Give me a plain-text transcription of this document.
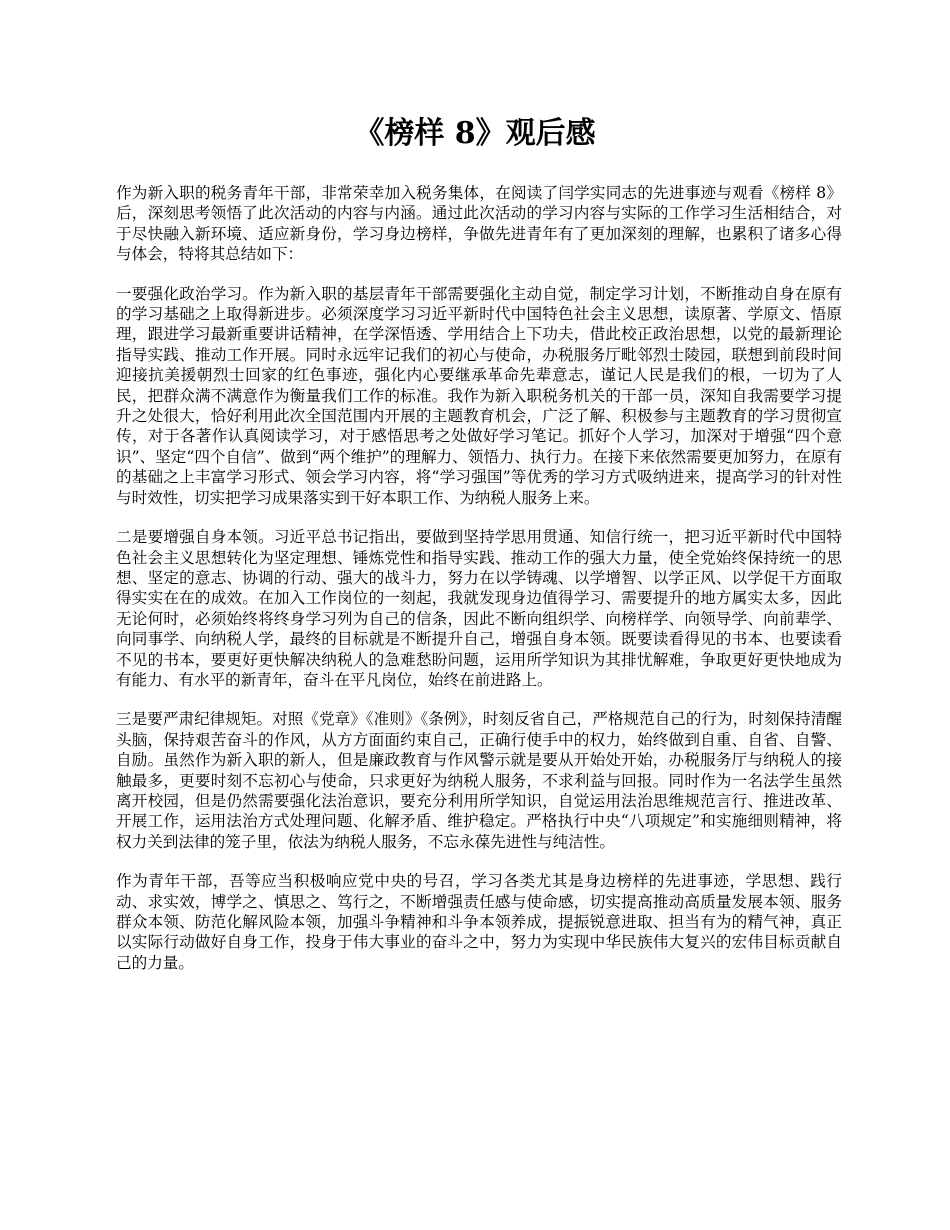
《榜样 8》观后感

作为新入职的税务青年干部，非常荣幸加入税务集体，在阅读了闫学实同志的先进事迹与观看《榜样 8》后，深刻思考领悟了此次活动的内容与内涵。通过此次活动的学习内容与实际的工作学习生活相结合，对于尽快融入新环境、适应新身份，学习身边榜样，争做先进青年有了更加深刻的理解，也累积了诸多心得与体会，特将其总结如下：

一要强化政治学习。作为新入职的基层青年干部需要强化主动自觉，制定学习计划，不断推动自身在原有的学习基础之上取得新进步。必须深度学习习近平新时代中国特色社会主义思想，读原著、学原文、悟原理，跟进学习最新重要讲话精神，在学深悟透、学用结合上下功夫，借此校正政治思想，以党的最新理论指导实践、推动工作开展。同时永远牢记我们的初心与使命，办税服务厅毗邻烈士陵园，联想到前段时间迎接抗美援朝烈士回家的红色事迹，强化内心要继承革命先辈意志，谨记人民是我们的根，一切为了人民，把群众满不满意作为衡量我们工作的标准。我作为新入职税务机关的干部一员，深知自我需要学习提升之处很大，恰好利用此次全国范围内开展的主题教育机会，广泛了解、积极参与主题教育的学习贯彻宣传，对于各著作认真阅读学习，对于感悟思考之处做好学习笔记。抓好个人学习，加深对于增强“四个意识”、坚定“四个自信”、做到“两个维护”的理解力、领悟力、执行力。在接下来依然需要更加努力，在原有的基础之上丰富学习形式、领会学习内容，将“学习强国”等优秀的学习方式吸纳进来，提高学习的针对性与时效性，切实把学习成果落实到干好本职工作、为纳税人服务上来。

二是要增强自身本领。习近平总书记指出，要做到坚持学思用贯通、知信行统一，把习近平新时代中国特色社会主义思想转化为坚定理想、锤炼党性和指导实践、推动工作的强大力量，使全党始终保持统一的思想、坚定的意志、协调的行动、强大的战斗力，努力在以学铸魂、以学增智、以学正风、以学促干方面取得实实在在的成效。在加入工作岗位的一刻起，我就发现身边值得学习、需要提升的地方属实太多，因此无论何时，必须始终将终身学习列为自己的信条，因此不断向组织学、向榜样学、向领导学、向前辈学、向同事学、向纳税人学，最终的目标就是不断提升自己，增强自身本领。既要读看得见的书本、也要读看不见的书本，要更好更快解决纳税人的急难愁盼问题，运用所学知识为其排忧解难，争取更好更快地成为有能力、有水平的新青年，奋斗在平凡岗位，始终在前进路上。

三是要严肃纪律规矩。对照《党章》《准则》《条例》，时刻反省自己，严格规范自己的行为，时刻保持清醒头脑，保持艰苦奋斗的作风，从方方面面约束自己，正确行使手中的权力，始终做到自重、自省、自警、自励。虽然作为新入职的新人，但是廉政教育与作风警示就是要从开始处开始，办税服务厅与纳税人的接触最多，更要时刻不忘初心与使命，只求更好为纳税人服务，不求利益与回报。同时作为一名法学生虽然离开校园，但是仍然需要强化法治意识，要充分利用所学知识，自觉运用法治思维规范言行、推进改革、开展工作，运用法治方式处理问题、化解矛盾、维护稳定。严格执行中央“八项规定”和实施细则精神，将权力关到法律的笼子里，依法为纳税人服务，不忘永葆先进性与纯洁性。

作为青年干部，吾等应当积极响应党中央的号召，学习各类尤其是身边榜样的先进事迹，学思想、践行动、求实效，博学之、慎思之、笃行之，不断增强责任感与使命感，切实提高推动高质量发展本领、服务群众本领、防范化解风险本领，加强斗争精神和斗争本领养成，提振锐意进取、担当有为的精气神，真正以实际行动做好自身工作，投身于伟大事业的奋斗之中，努力为实现中华民族伟大复兴的宏伟目标贡献自己的力量。
